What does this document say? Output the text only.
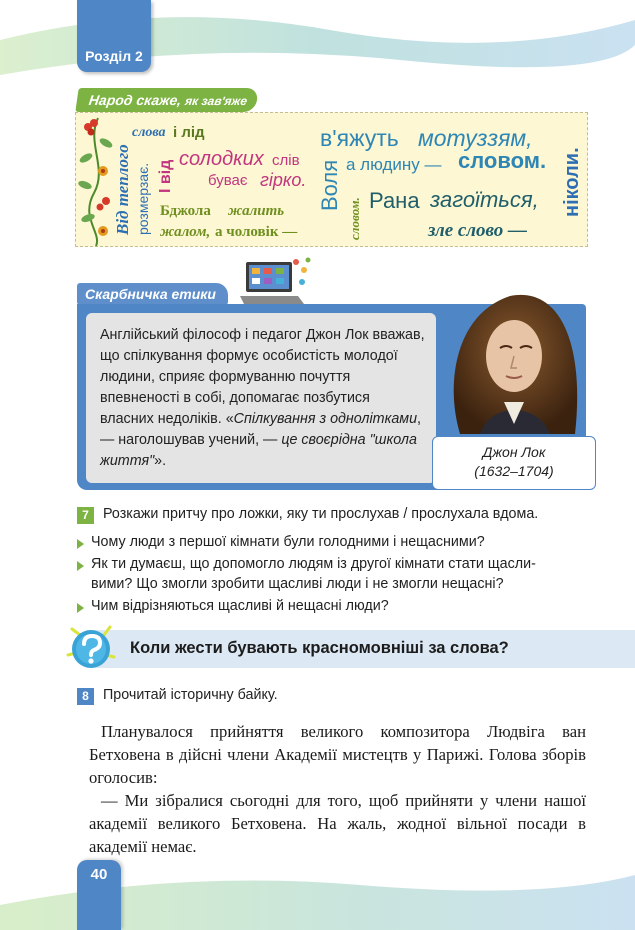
Розділ 2
40
Народ скаже, як зав'яже
Від теплого
слова і лід
розмерзає. І від
солодких слів
буває гірко.
Бджола жалить
жалом, а чоловік —
Воля
в'яжуть мотуззям,
а людину — словом.
словом. Рана загоїться,
зле слово —
ніколи.
Скарбничка етики
Англійський філософ і педагог Джон Лок вважав, що спілкування формує особистість молодої людини, сприяє формуванню почуття впевненості в собі, допомагає позбутися власних недоліків. «Спілкування з однолітками, — наголошував учений, — це своєрідна "школа життя"».
Джон Лок
(1632–1704)
7 Розкажи притчу про ложки, яку ти прослухав / прослухала вдома.
Чому люди з першої кімнати були голодними і нещасними?
Як ти думаєш, що допомогло людям із другої кімнати стати щасли-
вими? Що змогли зробити щасливі люди і не змогли нещасні?
Чим відрізняються щасливі й нещасні люди?
Коли жести бувають красномовніші за слова?
8 Прочитай історичну байку.

Планувалося прийняття великого композитора Людвіга ван Бетховена в дійсні члени Академії мистецтв у Парижі. Голова зборів оголосив:

— Ми зібралися сьогодні для того, щоб прийняти у члени нашої академії великого Бетховена. На жаль, жодної вільної посади в академії немає.
